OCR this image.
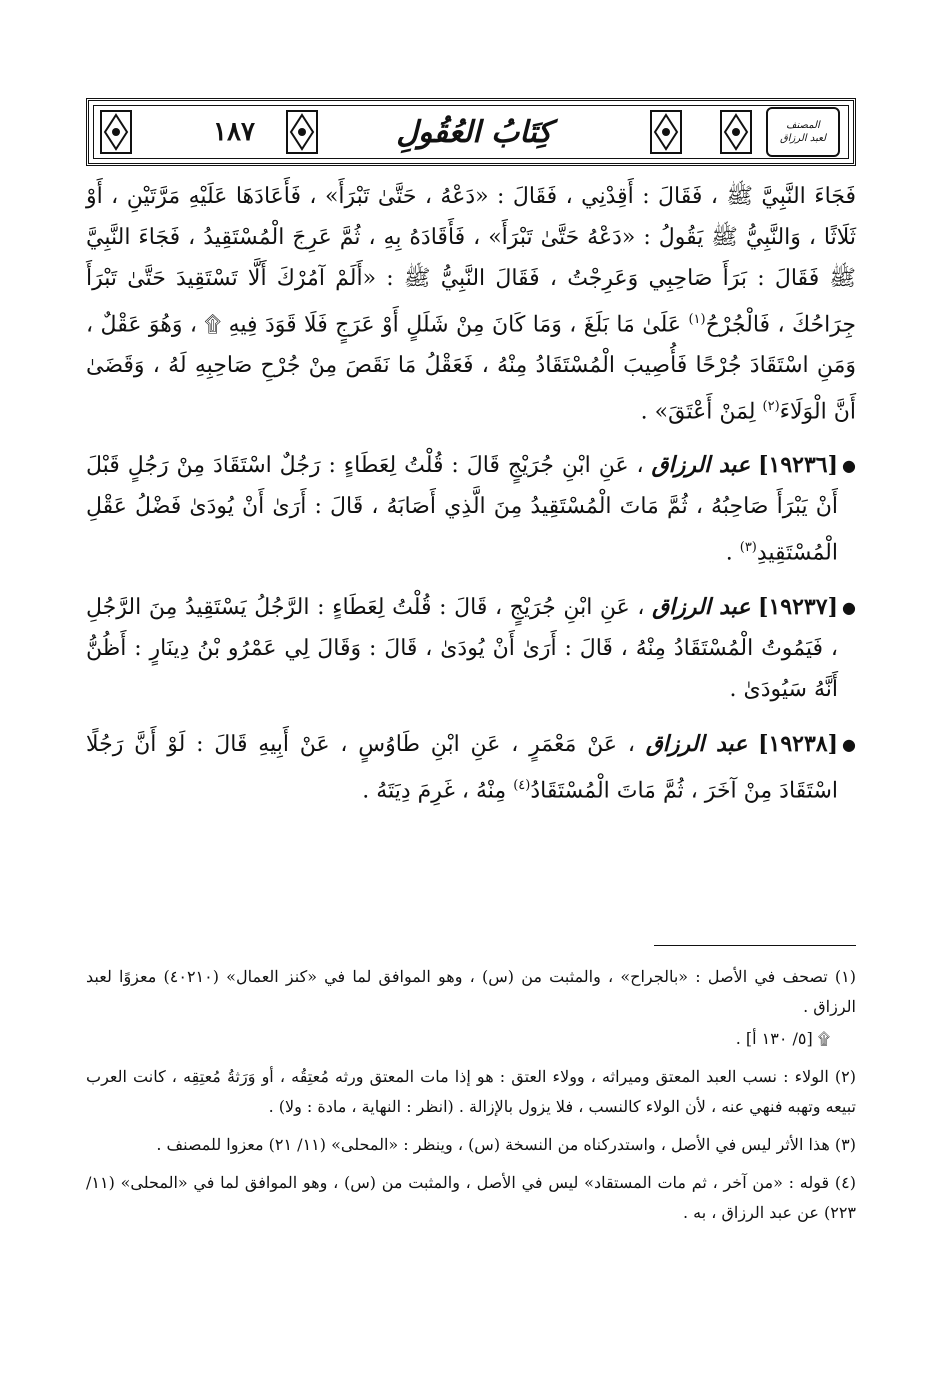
١٨٧	كِتَابُ العُقُولِ	المصنف
لعبد الرزاق

فَجَاءَ النَّبِيَّ ﷺ ، فَقَالَ : أَقِدْنِي ، فَقَالَ : «دَعْهُ ، حَتَّىٰ تَبْرَأَ» ، فَأَعَادَهَا عَلَيْهِ مَرَّتَيْنِ ، أَوْ ثَلَاثًا ، وَالنَّبِيُّ ﷺ يَقُولُ : «دَعْهُ حَتَّىٰ تَبْرَأَ» ، فَأَقَادَهُ بِهِ ، ثُمَّ عَرِجَ الْمُسْتَقِيدُ ، فَجَاءَ النَّبِيَّ ﷺ فَقَالَ : بَرَأَ صَاحِبِي وَعَرِجْتُ ، فَقَالَ النَّبِيُّ ﷺ : «أَلَمْ آمُرْكَ أَلَّا تَسْتَقِيدَ حَتَّىٰ تَبْرَأَ جِرَاحُكَ ، فَالْجُرْحُ$^{(١)}$ عَلَىٰ مَا بَلَغَ ، وَمَا كَانَ مِنْ شَلَلٍ أَوْ عَرَجٍ فَلَا قَوَدَ فِيهِ ۩ ، وَهُوَ عَقْلٌ ، وَمَنِ اسْتَقَادَ جُرْحًا فَأُصِيبَ الْمُسْتَقَادُ مِنْهُ ، فَعَقْلُ مَا نَقَصَ مِنْ جُرْحِ صَاحِبِهِ لَهُ ، وَقَضَىٰ أَنَّ الْوَلَاءَ$^{(٢)}$ لِمَنْ أَعْتَقَ» .

●

[١٩٢٣٦] عبد الرزاق ، عَنِ ابْنِ جُرَيْجٍ قَالَ : قُلْتُ لِعَطَاءٍ : رَجُلٌ اسْتَقَادَ مِنْ رَجُلٍ قَبْلَ أَنْ يَبْرَأَ صَاحِبُهُ ، ثُمَّ مَاتَ الْمُسْتَقِيدُ مِنَ الَّذِي أَصَابَهُ ، قَالَ : أَرَىٰ أَنْ يُودَىٰ فَضْلُ عَقْلِ الْمُسْتَقِيدِ$^{(٣)}$ .

●

[١٩٢٣٧] عبد الرزاق ، عَنِ ابْنِ جُرَيْجٍ ، قَالَ : قُلْتُ لِعَطَاءٍ : الرَّجُلُ يَسْتَقِيدُ مِنَ الرَّجُلِ ، فَيَمُوتُ الْمُسْتَقَادُ مِنْهُ ، قَالَ : أَرَىٰ أَنْ يُودَىٰ ، قَالَ : وَقَالَ لِي عَمْرُو بْنُ دِينَارٍ : أَظُنُّ أَنَّهُ سَيُودَىٰ .

●

[١٩٢٣٨] عبد الرزاق ، عَنْ مَعْمَرٍ ، عَنِ ابْنِ طَاوُسٍ ، عَنْ أَبِيهِ قَالَ : لَوْ أَنَّ رَجُلًا اسْتَقَادَ مِنْ آخَرَ ، ثُمَّ مَاتَ الْمُسْتَقَادُ$^{(٤)}$ مِنْهُ ، غَرِمَ دِيَتَهُ .

(١) تصحف في الأصل : «بالجراح» ، والمثبت من (س) ، وهو الموافق لما في «كنز العمال» (٤٠٢١٠) معزوًا لعبد الرزاق .

۩ [٥/ ١٣٠ أ] .

(٢) الولاء : نسب العبد المعتق وميراثه ، وولاء العتق : هو إذا مات المعتق ورثه مُعتِقُه ، أو وَرَثةُ مُعتِقِه ، كانت العرب تبيعه وتهبه فنهي عنه ، لأن الولاء كالنسب ، فلا يزول بالإزالة . (انظر : النهاية ، مادة : ولا) .

(٣) هذا الأثر ليس في الأصل ، واستدركناه من النسخة (س) ، وينظر : «المحلى» (١١/ ٢١) معزوا للمصنف .

(٤) قوله : «من آخر ، ثم مات المستقاد» ليس في الأصل ، والمثبت من (س) ، وهو الموافق لما في «المحلى» (١١/ ٢٢٣) عن عبد الرزاق ، به .
